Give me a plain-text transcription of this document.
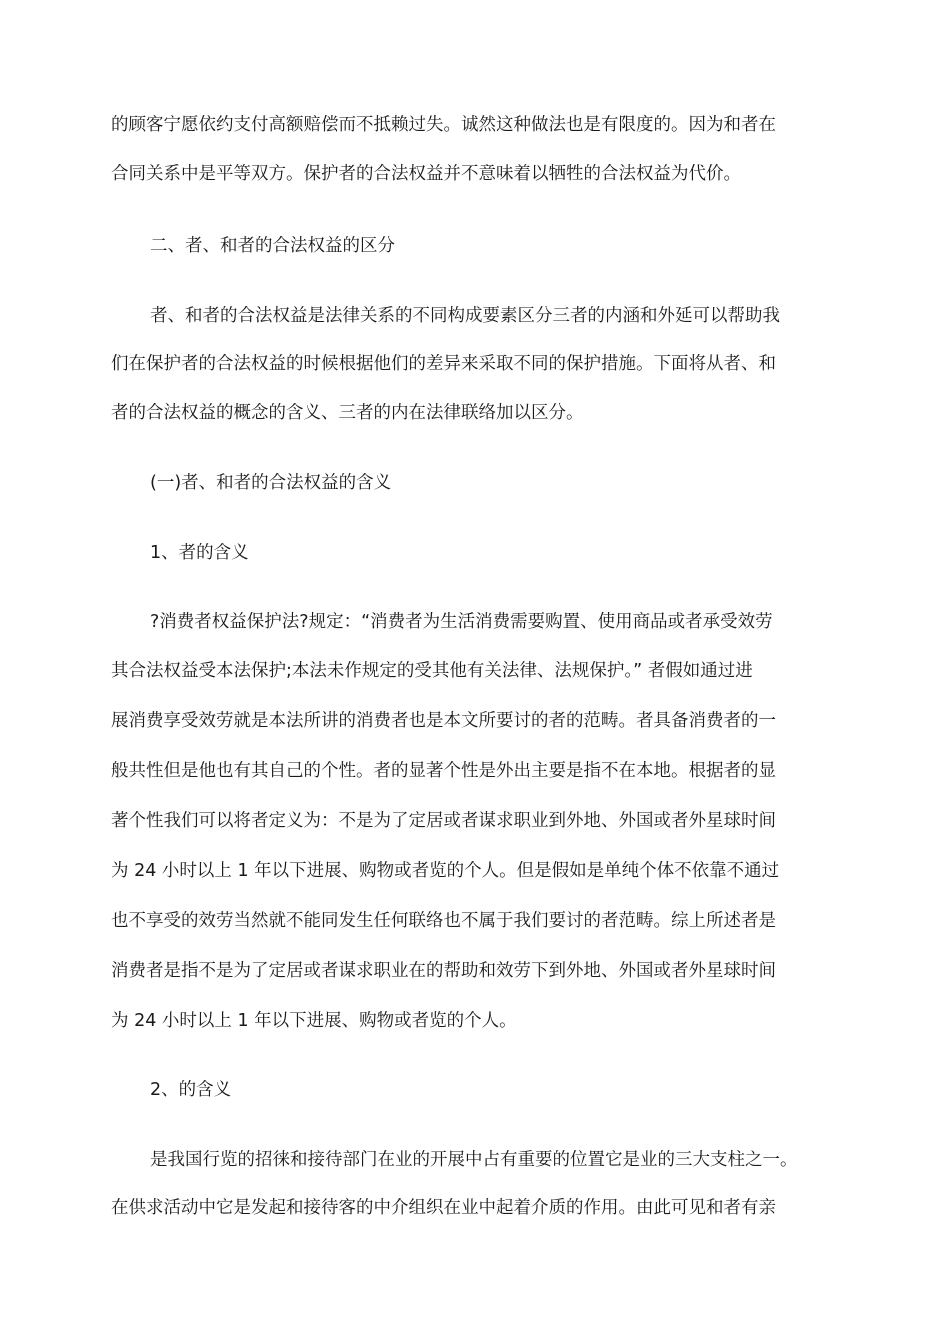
的顾客宁愿依约支付高额赔偿而不抵赖过失。诚然这种做法也是有限度的。因为和者在
合同关系中是平等双方。保护者的合法权益并不意味着以牺牲的合法权益为代价。
二、者、和者的合法权益的区分
者、和者的合法权益是法律关系的不同构成要素区分三者的内涵和外延可以帮助我
们在保护者的合法权益的时候根据他们的差异来采取不同的保护措施。下面将从者、和
者的合法权益的概念的含义、三者的内在法律联络加以区分。
(一)者、和者的合法权益的含义
1、者的含义
?消费者权益保护法?规定：“消费者为生活消费需要购置、使用商品或者承受效劳
其合法权益受本法保护;本法未作规定的受其他有关法律、法规保护。” 者假如通过进
展消费享受效劳就是本法所讲的消费者也是本文所要讨的者的范畴。者具备消费者的一
般共性但是他也有其自己的个性。者的显著个性是外出主要是指不在本地。根据者的显
著个性我们可以将者定义为：不是为了定居或者谋求职业到外地、外国或者外星球时间
为 24 小时以上 1 年以下进展、购物或者览的个人。但是假如是单纯个体不依靠不通过
也不享受的效劳当然就不能同发生任何联络也不属于我们要讨的者范畴。综上所述者是
消费者是指不是为了定居或者谋求职业在的帮助和效劳下到外地、外国或者外星球时间
为 24 小时以上 1 年以下进展、购物或者览的个人。
2、的含义
是我国行览的招徕和接待部门在业的开展中占有重要的位置它是业的三大支柱之一。
在供求活动中它是发起和接待客的中介组织在业中起着介质的作用。由此可见和者有亲
